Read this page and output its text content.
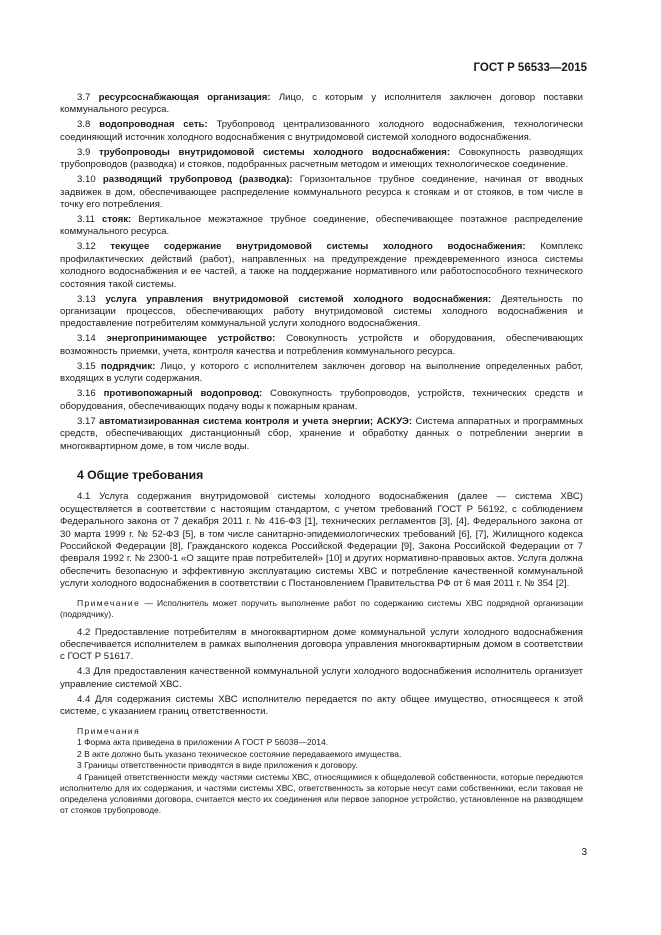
ГОСТ Р 56533—2015

3.7 ресурсоснабжающая организация: Лицо, с которым у исполнителя заключен договор поставки коммунального ресурса.

3.8 водопроводная сеть: Трубопровод централизованного холодного водоснабжения, технологически соединяющий источник холодного водоснабжения с внутридомовой системой холодного водоснабжения.

3.9 трубопроводы внутридомовой системы холодного водоснабжения: Совокупность разводящих трубопроводов (разводка) и стояков, подобранных расчетным методом и имеющих технологическое соединение.

3.10 разводящий трубопровод (разводка): Горизонтальное трубное соединение, начиная от вводных задвижек в дом, обеспечивающее распределение коммунального ресурса к стоякам и от стояков, в том числе в точку его потребления.

3.11 стояк: Вертикальное межэтажное трубное соединение, обеспечивающее поэтажное распределение коммунального ресурса.

3.12 текущее содержание внутридомовой системы холодного водоснабжения: Комплекс профилактических действий (работ), направленных на предупреждение преждевременного износа системы холодного водоснабжения и ее частей, а также на поддержание нормативного или работоспособного технического состояния такой системы.

3.13 услуга управления внутридомовой системой холодного водоснабжения: Деятельность по организации процессов, обеспечивающих работу внутридомовой системы холодного водоснабжения и предоставление потребителям коммунальной услуги холодного водоснабжения.

3.14 энергопринимающее устройство: Совокупность устройств и оборудования, обеспечивающих возможность приемки, учета, контроля качества и потребления коммунального ресурса.

3.15 подрядчик: Лицо, у которого с исполнителем заключен договор на выполнение определенных работ, входящих в услуги содержания.

3.16 противопожарный водопровод: Совокупность трубопроводов, устройств, технических средств и оборудования, обеспечивающих подачу воды к пожарным кранам.

3.17 автоматизированная система контроля и учета энергии; АСКУЭ: Система аппаратных и программных средств, обеспечивающих дистанционный сбор, хранение и обработку данных о потреблении энергии в многоквартирном доме, в том числе воды.

4 Общие требования

4.1 Услуга содержания внутридомовой системы холодного водоснабжения (далее — система ХВС) осуществляется в соответствии с настоящим стандартом, с учетом требований ГОСТ Р 56192, с соблюдением Федерального закона от 7 декабря 2011 г. № 416-ФЗ [1], технических регламентов [3], [4], Федерального закона от 30 марта 1999 г. № 52-ФЗ [5], в том числе санитарно-эпидемиологических требований [6], [7], Жилищного кодекса Российской Федерации [8], Гражданского кодекса Российской Федерации [9], Закона Российской Федерации от 7 февраля 1992 г. № 2300-1 «О защите прав потребителей» [10] и других нормативно-правовых актов. Услуга должна обеспечить безопасную и эффективную эксплуатацию системы ХВС и потребление качественной коммунальной услуги холодного водоснабжения в соответствии с Постановлением Правительства РФ от 6 мая 2011 г. № 354 [2].

Примечание — Исполнитель может поручить выполнение работ по содержанию системы ХВС подрядной организации (подрядчику).

4.2 Предоставление потребителям в многоквартирном доме коммунальной услуги холодного водоснабжения обеспечивается исполнителем в рамках выполнения договора управления многоквартирным домом в соответствии с ГОСТ Р 51617.

4.3 Для предоставления качественной коммунальной услуги холодного водоснабжения исполнитель организует управление системой ХВС.

4.4 Для содержания системы ХВС исполнителю передается по акту общее имущество, относящееся к этой системе, с указанием границ ответственности.

Примечания

1 Форма акта приведена в приложении А ГОСТ Р 56038—2014.

2 В акте должно быть указано техническое состояние передаваемого имущества.

3 Границы ответственности приводятся в виде приложения к договору.

4 Границей ответственности между частями системы ХВС, относящимися к общедолевой собственности, которые передаются исполнителю для их содержания, и частями системы ХВС, ответственность за которые несут сами собственники, если таковая не определена условиями договора, считается место их соединения или первое запорное устройство, установленное на разводящем от стояков трубопроводе.

3
